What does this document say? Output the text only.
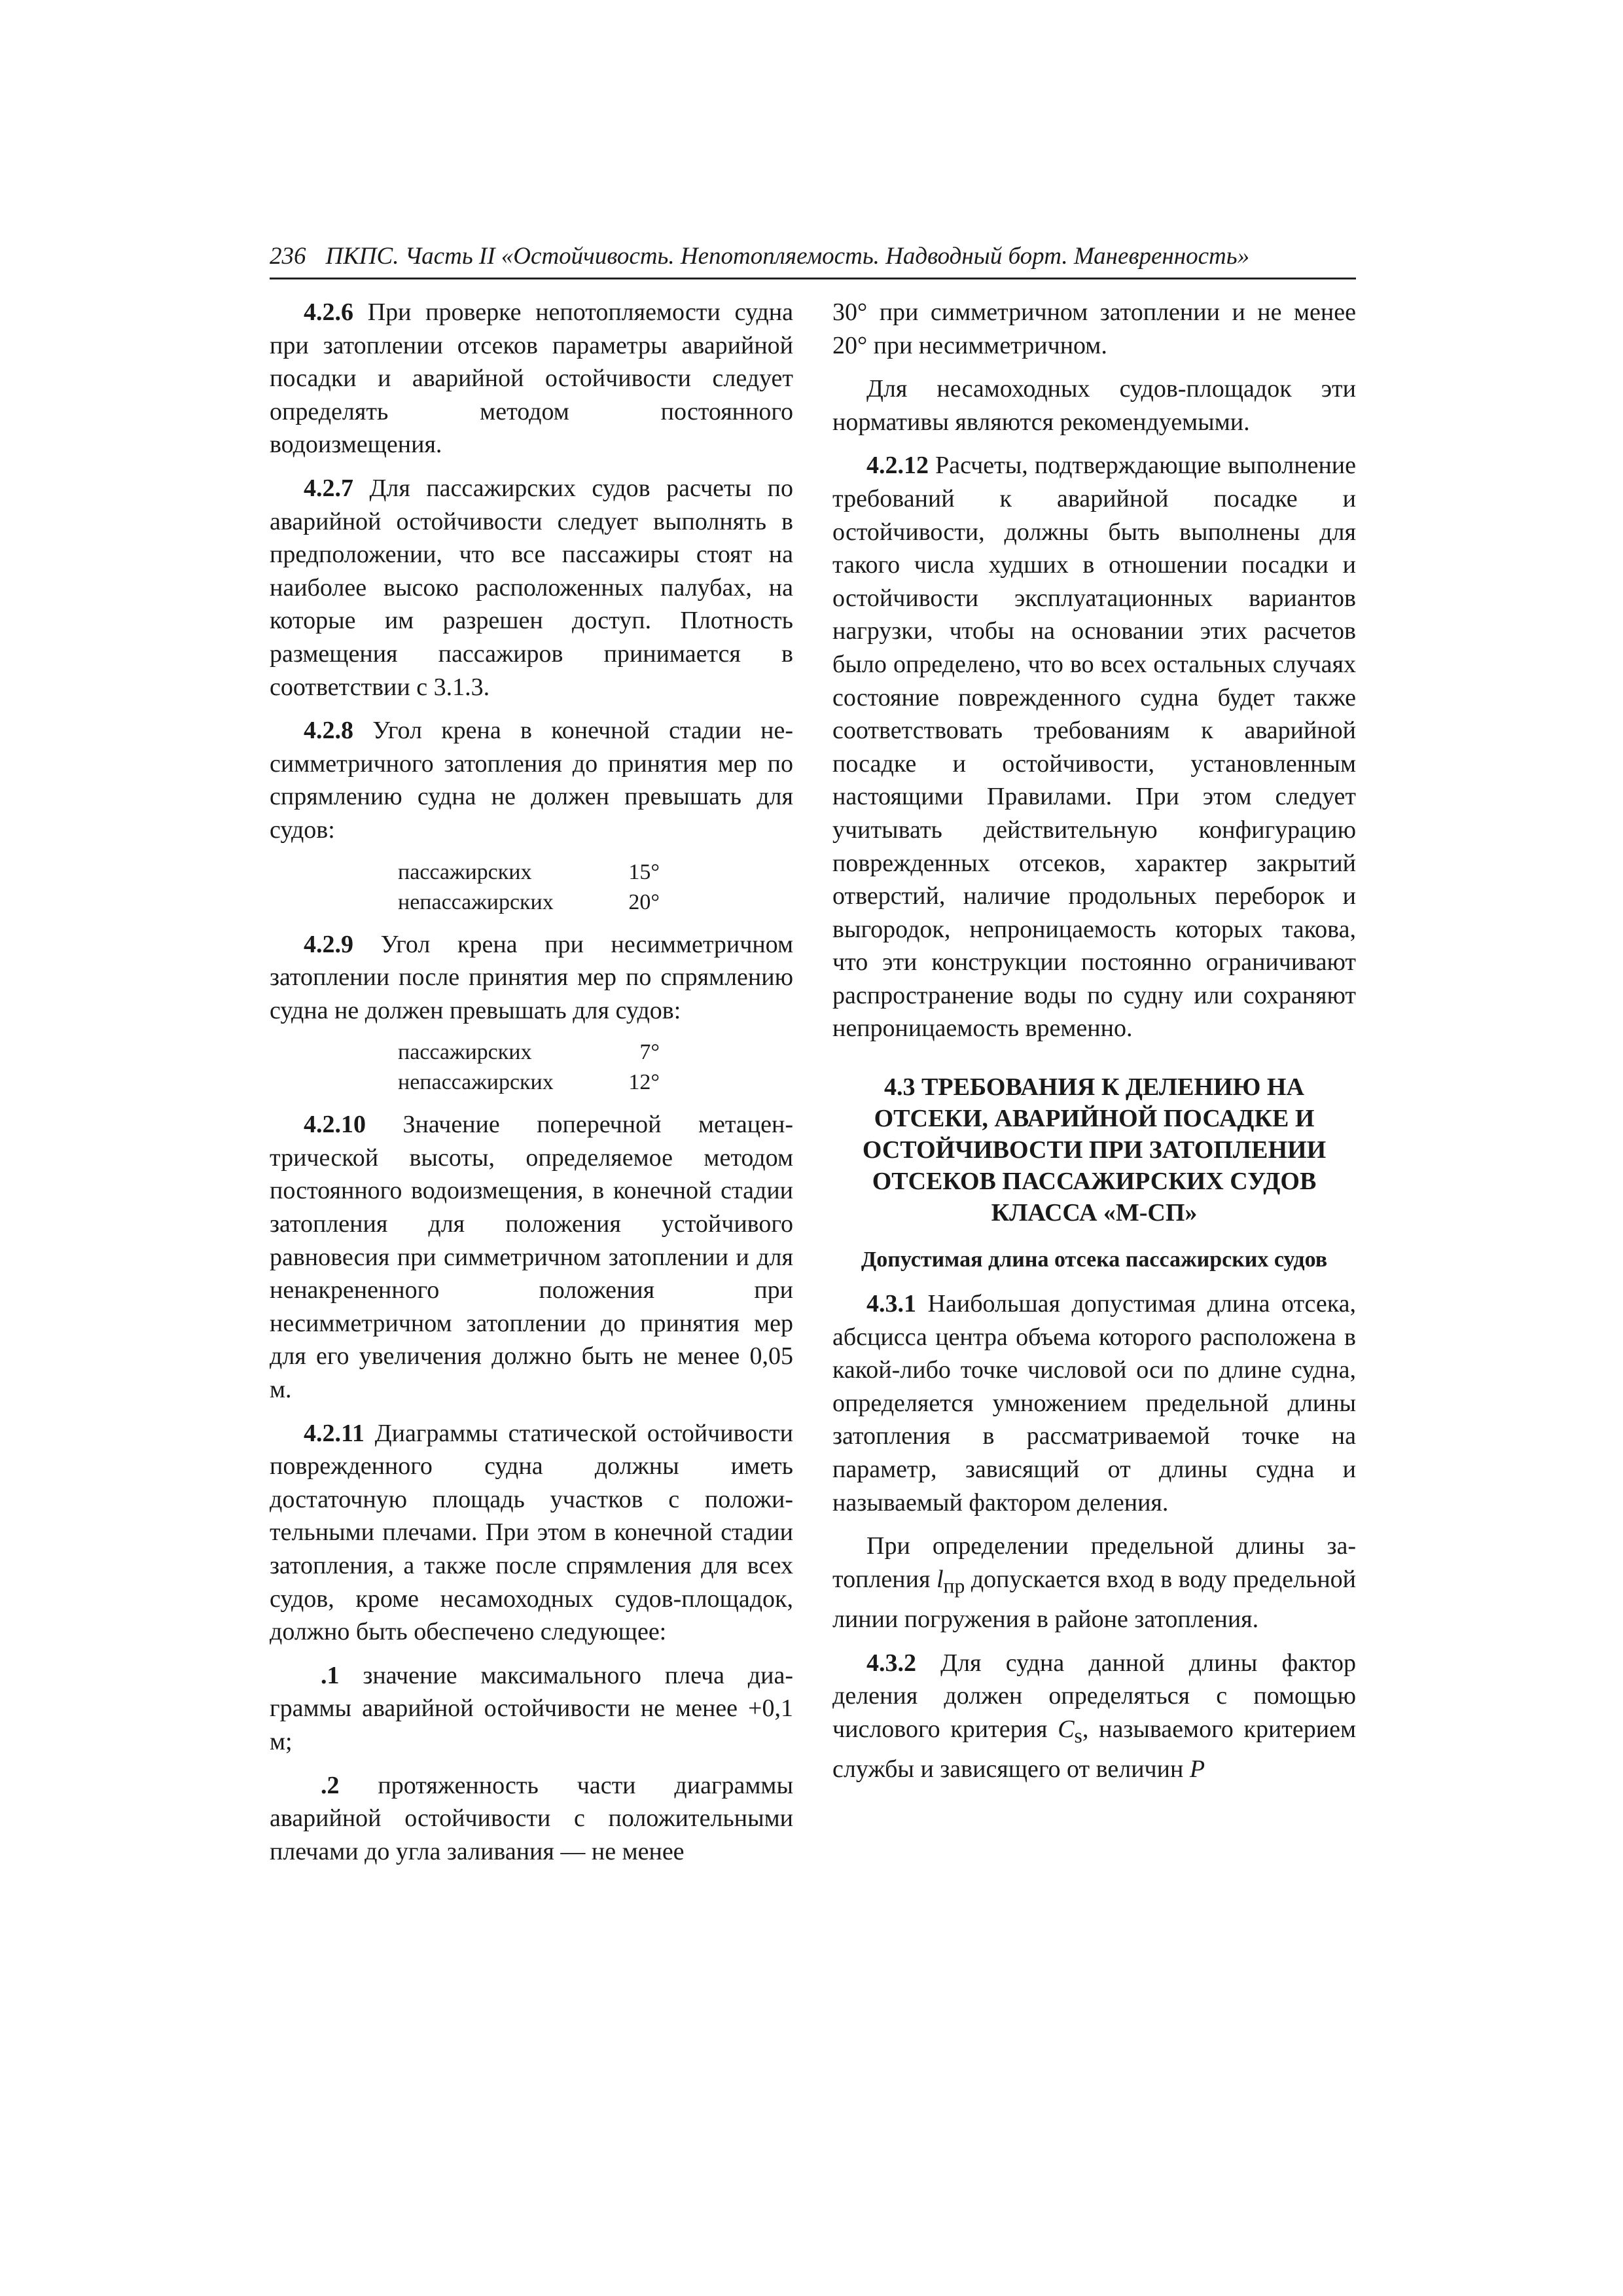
236 ПКПС. Часть II «Остойчивость. Непотопляемость. Надводный борт. Маневренность»

4.2.6 При проверке непотопляемости судна при затоплении отсеков параметры аварийной посадки и аварийной остойчивости следует определять методом постоянного водоизмещения.

4.2.7 Для пассажирских судов расчеты по аварийной остойчивости следует выполнять в предположении, что все пассажиры стоят на наиболее высоко расположенных палубах, на которые им разрешен доступ. Плотность размещения пассажиров принимается в соответствии с 3.1.3.

4.2.8 Угол крена в конечной стадии несимметричного затопления до принятия мер по спрямлению судна не должен превышать для судов:

пассажирских	15°
непассажирских	20°

4.2.9 Угол крена при несимметричном затоплении после принятия мер по спрямлению судна не должен превышать для судов:

пассажирских	7°
непассажирских	12°

4.2.10 Значение поперечной метацентрической высоты, определяемое методом постоянного водоизмещения, в конечной стадии затопления для положения устойчивого равновесия при симметричном затоплении и для ненакрененного положения при несимметричном затоплении до принятия мер для его увеличения должно быть не менее 0,05 м.

4.2.11 Диаграммы статической остойчивости поврежденного судна должны иметь достаточную площадь участков с положительными плечами. При этом в конечной стадии затопления, а также после спрямления для всех судов, кроме несамоходных судов-площадок, должно быть обеспечено следующее:

.1 значение максимального плеча диаграммы аварийной остойчивости не менее +0,1 м;

.2 протяженность части диаграммы аварийной остойчивости с положительными плечами до угла заливания — не менее

30° при симметричном затоплении и не менее 20° при несимметричном.

Для несамоходных судов-площадок эти нормативы являются рекомендуемыми.

4.2.12 Расчеты, подтверждающие выполнение требований к аварийной посадке и остойчивости, должны быть выполнены для такого числа худших в отношении посадки и остойчивости эксплуатационных вариантов нагрузки, чтобы на основании этих расчетов было определено, что во всех остальных случаях состояние поврежденного судна будет также соответствовать требованиям к аварийной посадке и остойчивости, установленным настоящими Правилами. При этом следует учитывать действительную конфигурацию поврежденных отсеков, характер закрытий отверстий, наличие продольных переборок и выгородок, непроницаемость которых такова, что эти конструкции постоянно ограничивают распространение воды по судну или сохраняют непроницаемость временно.

4.3 ТРЕБОВАНИЯ К ДЕЛЕНИЮ НА ОТСЕКИ, АВАРИЙНОЙ ПОСАДКЕ И ОСТОЙЧИВОСТИ ПРИ ЗАТОПЛЕНИИ ОТСЕКОВ ПАССАЖИРСКИХ СУДОВ КЛАССА «М-СП»
Допустимая длина отсека пассажирских судов

4.3.1 Наибольшая допустимая длина отсека, абсцисса центра объема которого расположена в какой-либо точке числовой оси по длине судна, определяется умножением предельной длины затопления в рассматриваемой точке на параметр, зависящий от длины судна и называемый фактором деления.

При определении предельной длины затопления $l_{пр}$ допускается вход в воду предельной линии погружения в районе затопления.

4.3.2 Для судна данной длины фактор деления должен определяться с помощью числового критерия $C_s$, называемого критерием службы и зависящего от величин P
